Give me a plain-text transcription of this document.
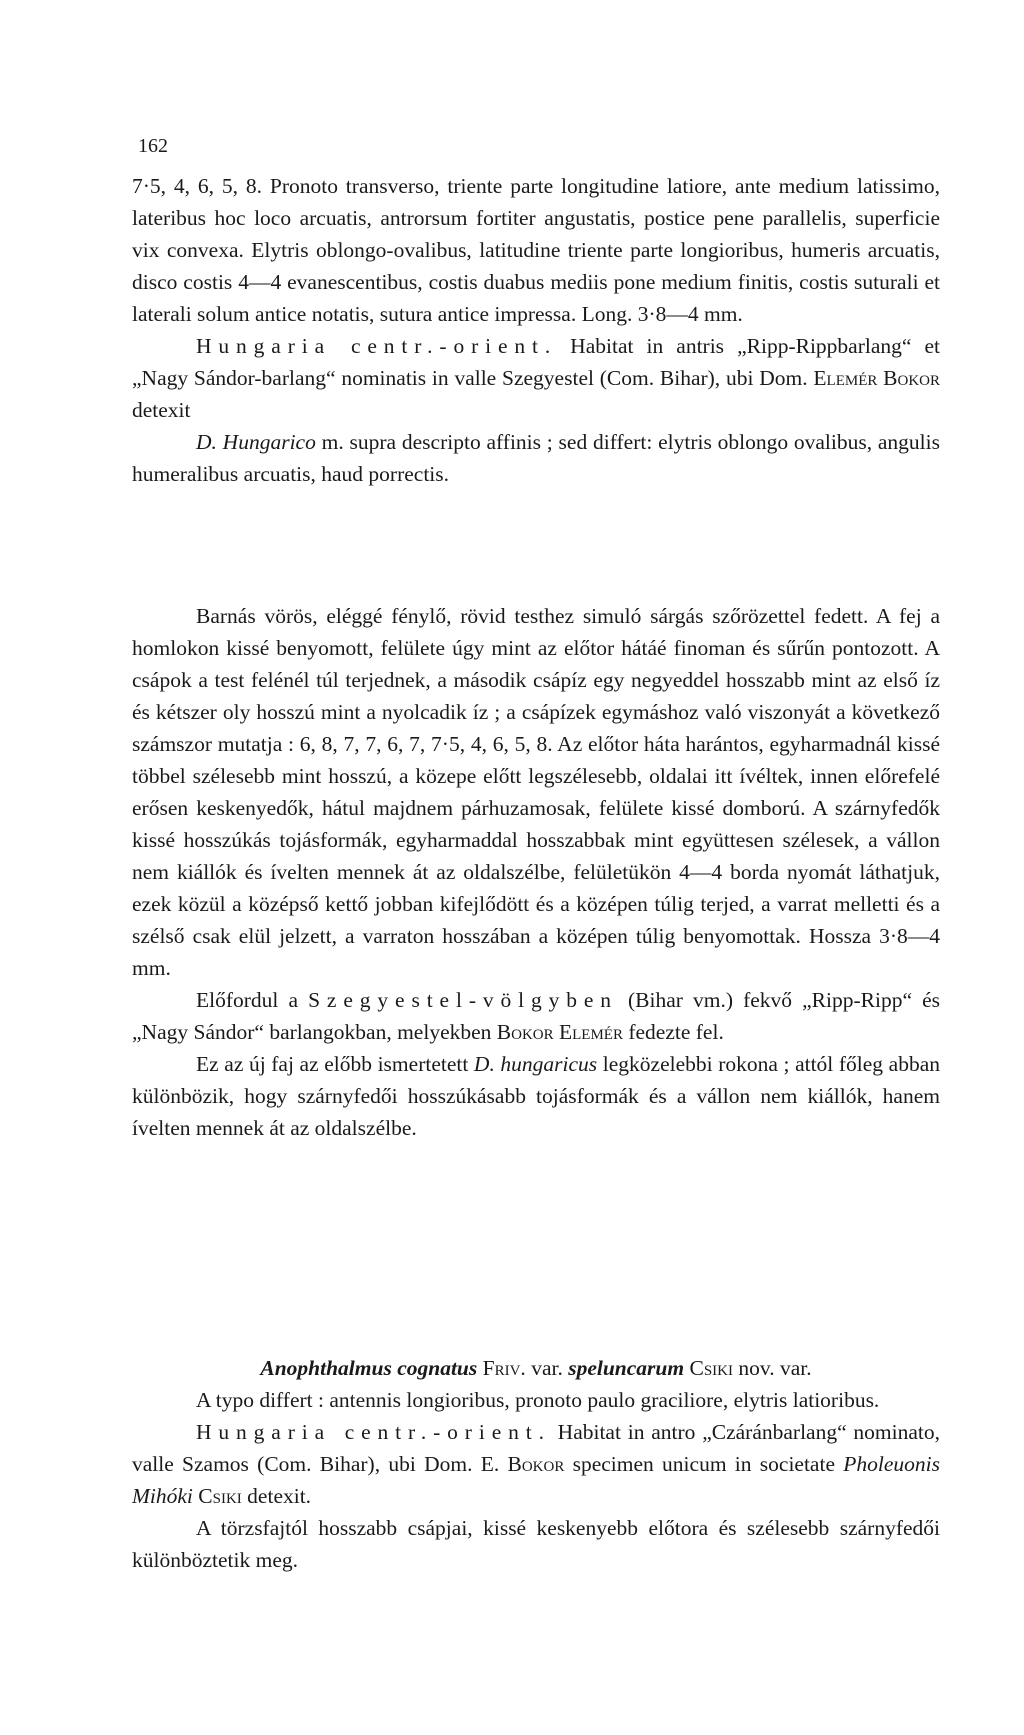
162

7·5, 4, 6, 5, 8. Pronoto transverso, triente parte longitudine latiore, ante medium latissimo, lateribus hoc loco arcuatis, antrorsum fortiter angustatis, postice pene parallelis, superficie vix convexa. Elytris oblongo-ovalibus, latitudine triente parte longioribus, humeris arcuatis, disco costis 4—4 evanescentibus, costis duabus mediis pone medium finitis, costis suturali et laterali solum antice notatis, sutura antice impressa. Long. 3·8—4 mm.

Hungaria centr.-orient. Habitat in antris „Ripp-Rippbarlang“ et „Nagy Sándor-barlang“ nominatis in valle Szegyestel (Com. Bihar), ubi Dom. Elemér Bokor detexit

D. Hungarico m. supra descripto affinis ; sed differt: elytris oblongo ovalibus, angulis humeralibus arcuatis, haud porrectis.

Barnás vörös, eléggé fénylő, rövid testhez simuló sárgás szőrözettel fedett. A fej a homlokon kissé benyomott, felülete úgy mint az előtor hátáé finoman és sűrűn pontozott. A csápok a test felénél túl terjednek, a második csápíz egy negyeddel hosszabb mint az első íz és kétszer oly hosszú mint a nyolcadik íz ; a csápízek egymáshoz való viszonyát a következő számszor mutatja : 6, 8, 7, 7, 6, 7, 7·5, 4, 6, 5, 8. Az előtor háta harántos, egyharmadnál kissé többel szélesebb mint hosszú, a közepe előtt legszélesebb, oldalai itt ívéltek, innen előrefelé erősen keskenyedők, hátul majdnem párhuzamosak, felülete kissé domború. A szárnyfedők kissé hosszúkás tojásformák, egyharmaddal hosszabbak mint együttesen szélesek, a vállon nem kiállók és ívelten mennek át az oldalszélbe, felületükön 4—4 borda nyomát láthatjuk, ezek közül a középső kettő jobban kifejlődött és a középen túlig terjed, a varrat melletti és a szélső csak elül jelzett, a varraton hosszában a középen túlig benyomottak. Hossza 3·8—4 mm.

Előfordul a Szegyestel-völgyben (Bihar vm.) fekvő „Ripp-Ripp“ és „Nagy Sándor“ barlangokban, melyekben Bokor Elemér fedezte fel.

Ez az új faj az előbb ismertetett D. hungaricus legközelebbi rokona ; attól főleg abban különbözik, hogy szárnyfedői hosszúkásabb tojásformák és a vállon nem kiállók, hanem ívelten mennek át az oldalszélbe.

Anophthalmus cognatus Friv. var. speluncarum Csiki nov. var.

A typo differt : antennis longioribus, pronoto paulo graciliore, elytris latioribus.

Hungaria centr.-orient. Habitat in antro „Czáránbarlang“ nominato, valle Szamos (Com. Bihar), ubi Dom. E. Bokor specimen unicum in societate Pholeuonis Mihóki Csiki detexit.

A törzsfajtól hosszabb csápjai, kissé keskenyebb előtora és szélesebb szárnyfedői különböztetik meg.
